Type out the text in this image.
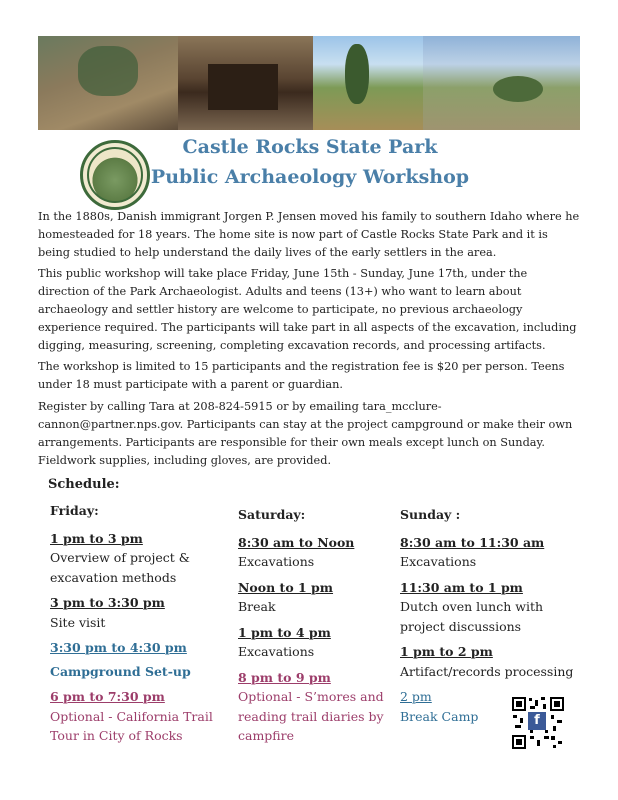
Castle Rocks State Park
Public Archaeology Workshop

In the 1880s, Danish immigrant Jorgen P. Jensen moved his family to southern Idaho where he homesteaded for 18 years. The home site is now part of Castle Rocks State Park and it is being studied to help understand the daily lives of the early settlers in the area.

This public workshop will take place Friday, June 15th - Sunday, June 17th, under the direction of the Park Archaeologist. Adults and teens (13+) who want to learn about archaeology and settler history are welcome to participate, no previous archaeology experience required. The participants will take part in all aspects of the excavation, including digging, measuring, screening, completing excavation records, and processing artifacts.

The workshop is limited to 15 participants and the registration fee is $20 per person. Teens under 18 must participate with a parent or guardian.

Register by calling Tara at 208-824-5915 or by emailing tara_mcclure-cannon@partner.nps.gov. Participants can stay at the project campground or make their own arrangements. Participants are responsible for their own meals except lunch on Sunday. Fieldwork supplies, including gloves, are provided.

Schedule:
Friday:
1 pm to 3 pm
Overview of project & excavation methods
3 pm to 3:30 pm
Site visit
3:30 pm to 4:30 pm
Campground Set-up
6 pm to 7:30 pm
Optional - California Trail Tour in City of Rocks
Saturday:
8:30 am to Noon
Excavations
Noon to 1 pm
Break
1 pm to 4 pm
Excavations
8 pm to 9 pm
Optional - S’mores and reading trail diaries by campfire
Sunday :
8:30 am to 11:30 am
Excavations
11:30 am to 1 pm
Dutch oven lunch with project discussions
1 pm to 2 pm
Artifact/records processing
2 pm
Break Camp	f
